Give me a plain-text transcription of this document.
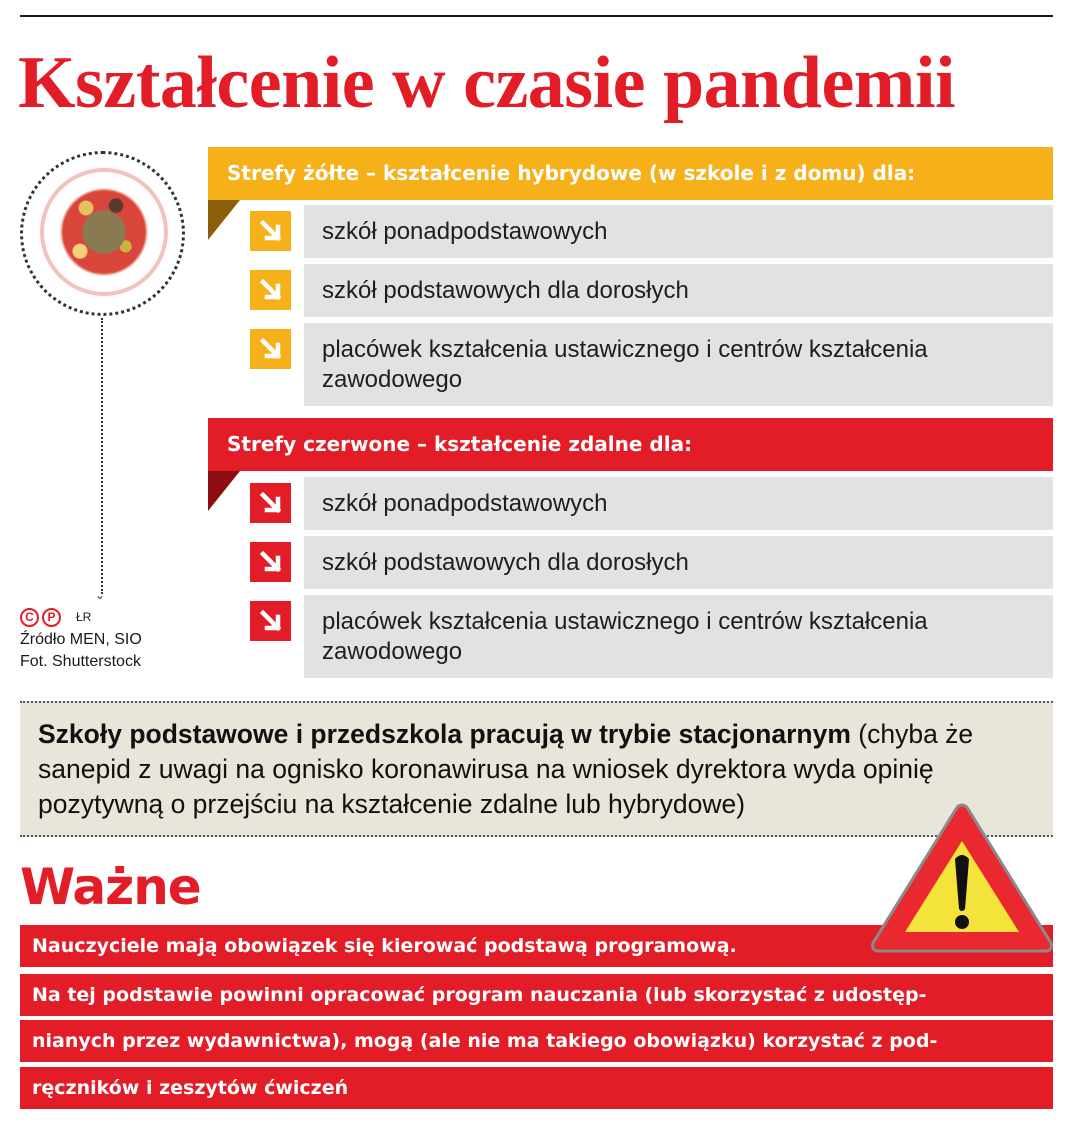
Kształcenie w czasie pandemii
⌄
C	P	ŁR
Źródło MEN, SIO
Fot. Shutterstock
Strefy żółte – kształcenie hybrydowe (w szkole i z domu) dla:
szkół ponadpodstawowych
szkół podstawowych dla dorosłych
placówek kształcenia ustawicznego i centrów kształcenia zawodowego
Strefy czerwone – kształcenie zdalne dla:
szkół ponadpodstawowych
szkół podstawowych dla dorosłych
placówek kształcenia ustawicznego i centrów kształcenia zawodowego
Szkoły podstawowe i przedszkola pracują w trybie stacjonarnym (chyba że sanepid z uwagi na ognisko koronawirusa na wniosek dyrektora wyda opinię pozytywną o przejściu na kształcenie zdalne lub hybrydowe)
Ważne
Nauczyciele mają obowiązek się kierować podstawą programową.
Na tej podstawie powinni opracować program nauczania (lub skorzystać z udostęp-
nianych przez wydawnictwa), mogą (ale nie ma takiego obowiązku) korzystać z pod-
ręczników i zeszytów ćwiczeń
